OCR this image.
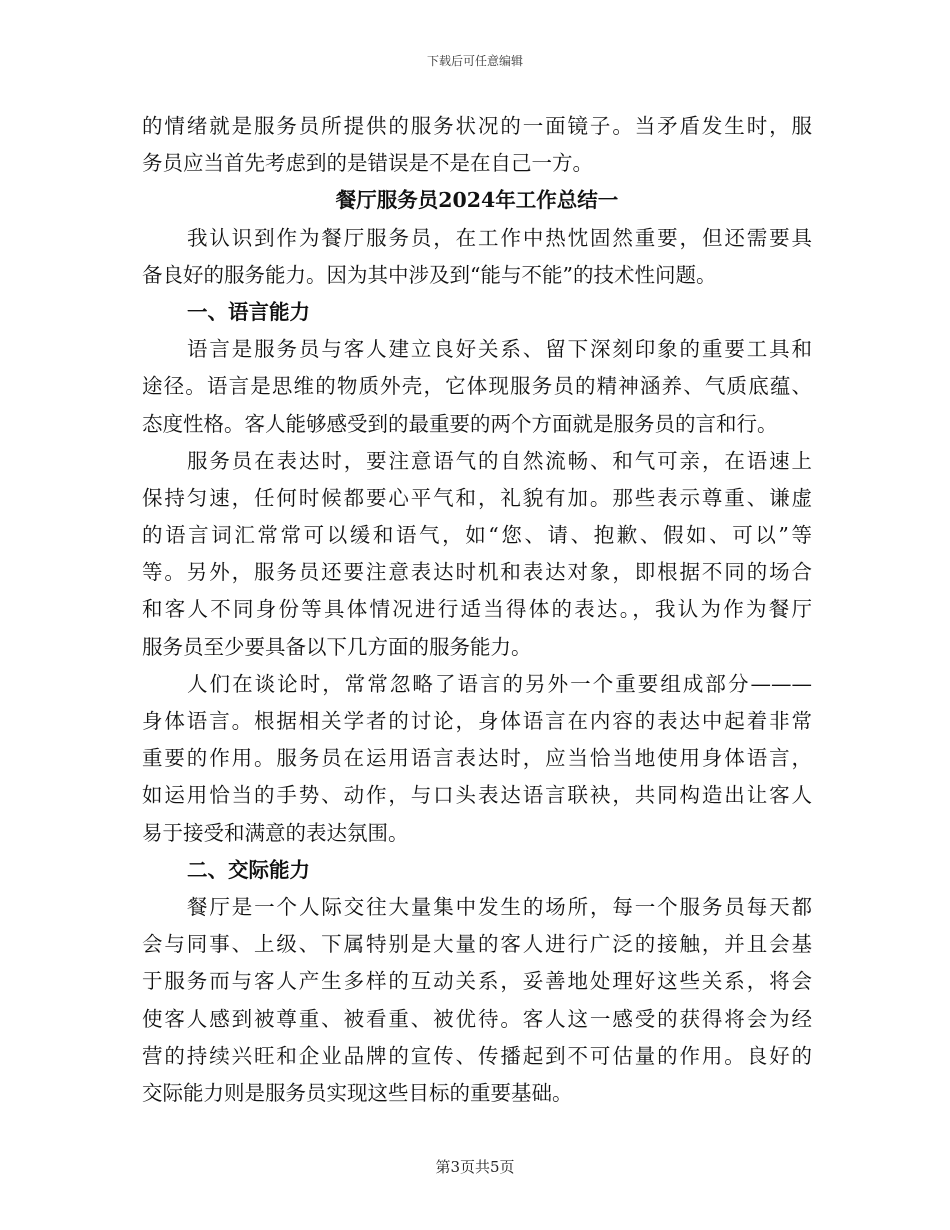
下载后可任意编辑
的情绪就是服务员所提供的服务状况的一面镜子。当矛盾发生时，服
务员应当首先考虑到的是错误是不是在自己一方。
餐厅服务员2024年工作总结一
我认识到作为餐厅服务员，在工作中热忱固然重要，但还需要具
备良好的服务能力。因为其中涉及到“能与不能”的技术性问题。
一、语言能力
语言是服务员与客人建立良好关系、留下深刻印象的重要工具和
途径。语言是思维的物质外壳，它体现服务员的精神涵养、气质底蕴、
态度性格。客人能够感受到的最重要的两个方面就是服务员的言和行。
服务员在表达时，要注意语气的自然流畅、和气可亲，在语速上
保持匀速，任何时候都要心平气和，礼貌有加。那些表示尊重、谦虚
的语言词汇常常可以缓和语气，如“您、请、抱歉、假如、可以”等
等。另外，服务员还要注意表达时机和表达对象，即根据不同的场合
和客人不同身份等具体情况进行适当得体的表达。，我认为作为餐厅
服务员至少要具备以下几方面的服务能力。
人们在谈论时，常常忽略了语言的另外一个重要组成部分———
身体语言。根据相关学者的讨论，身体语言在内容的表达中起着非常
重要的作用。服务员在运用语言表达时，应当恰当地使用身体语言，
如运用恰当的手势、动作，与口头表达语言联袂，共同构造出让客人
易于接受和满意的表达氛围。
二、交际能力
餐厅是一个人际交往大量集中发生的场所，每一个服务员每天都
会与同事、上级、下属特别是大量的客人进行广泛的接触，并且会基
于服务而与客人产生多样的互动关系，妥善地处理好这些关系，将会
使客人感到被尊重、被看重、被优待。客人这一感受的获得将会为经
营的持续兴旺和企业品牌的宣传、传播起到不可估量的作用。良好的
交际能力则是服务员实现这些目标的重要基础。
第3页共5页
